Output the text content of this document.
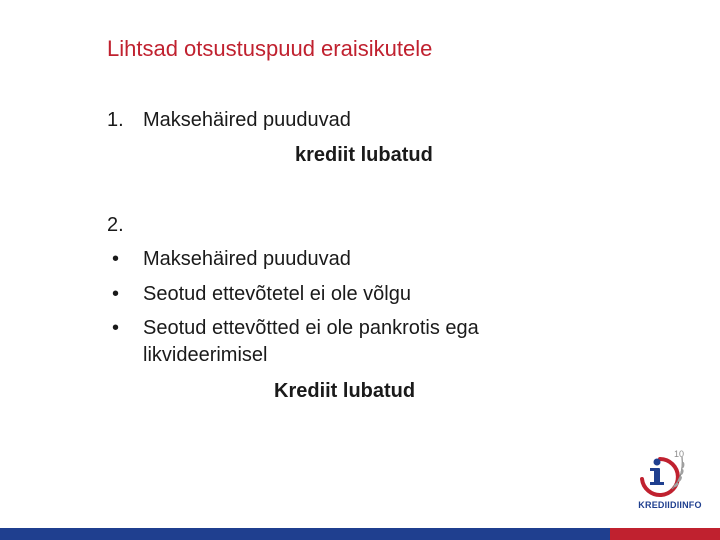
Lihtsad otsustuspuud eraisikutele
1. Maksehäired puuduvad
krediit lubatud
2.
• Maksehäired puuduvad
• Seotud ettevõtetel ei ole võlgu
• Seotud ettevõtted ei ole pankrotis ega
likvideerimisel
Krediit lubatud
10
KREDIIDIINFO
